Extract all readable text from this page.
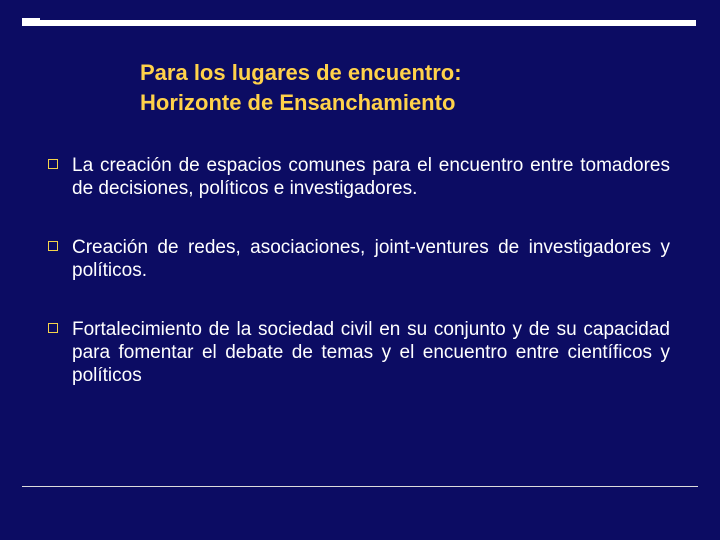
Para los lugares de encuentro:
Horizonte de Ensanchamiento
La creación de espacios comunes para el encuentro entre tomadores de decisiones, políticos e investigadores.
Creación de redes, asociaciones, joint-ventures de investigadores y políticos.
Fortalecimiento de la sociedad civil en su conjunto y de su capacidad para fomentar el debate de temas y el encuentro entre científicos y políticos
